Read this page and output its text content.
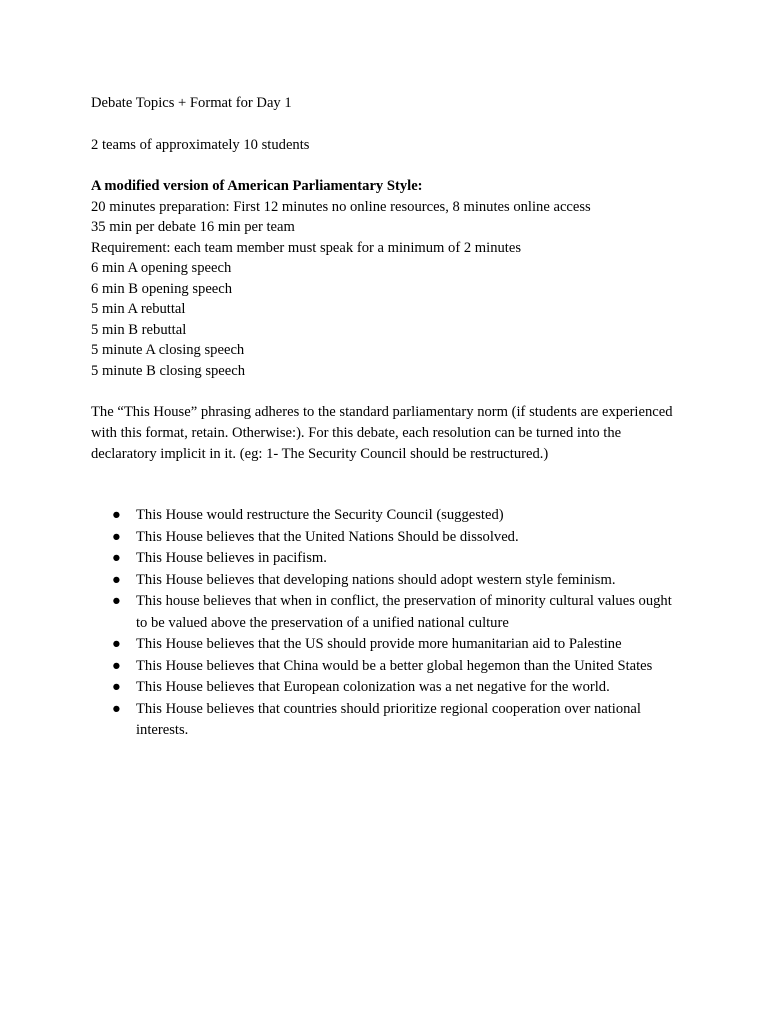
Debate Topics + Format for Day 1

2 teams of approximately 10 students

A modified version of American Parliamentary Style:

20 minutes preparation: First 12 minutes no online resources, 8 minutes online access

35 min per debate 16 min per team

Requirement: each team member must speak for a minimum of 2 minutes

6 min A opening speech

6 min B opening speech

5 min A rebuttal

5 min B rebuttal

5 minute A closing speech

5 minute B closing speech

The “This House” phrasing adheres to the standard parliamentary norm (if students are experienced with this format, retain. Otherwise:). For this debate, each resolution can be turned into the declaratory implicit in it. (eg: 1- The Security Council should be restructured.)

● This House would restructure the Security Council (suggested)
● This House believes that the United Nations Should be dissolved.
● This House believes in pacifism.
● This House believes that developing nations should adopt western style feminism.
● This house believes that when in conflict, the preservation of minority cultural values ought to be valued above the preservation of a unified national culture
● This House believes that the US should provide more humanitarian aid to Palestine
● This House believes that China would be a better global hegemon than the United States
● This House believes that European colonization was a net negative for the world.
● This House believes that countries should prioritize regional cooperation over national interests.
